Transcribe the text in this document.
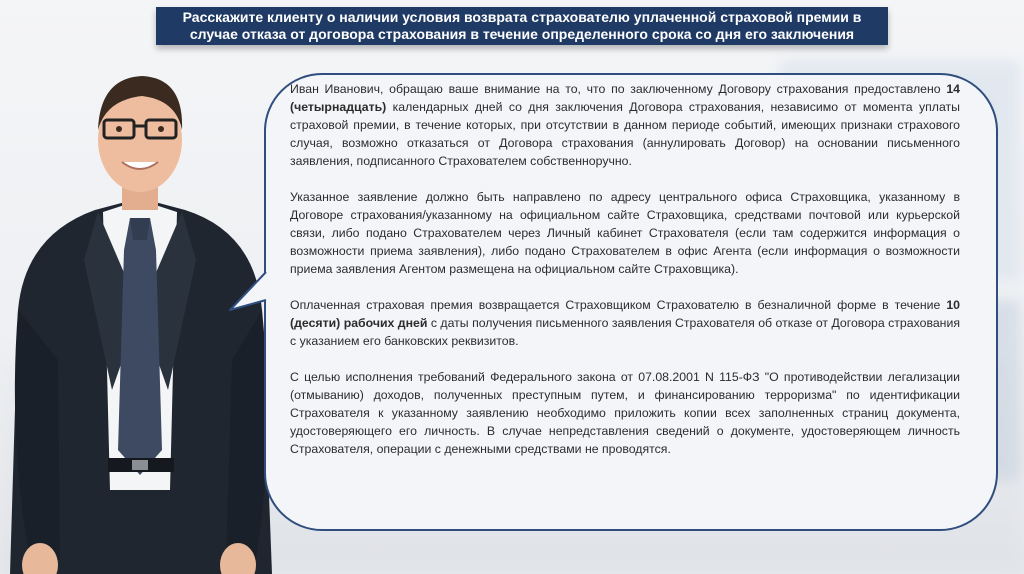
Расскажите клиенту о наличии условия возврата страхователю уплаченной страховой премии в случае отказа от договора страхования в течение определенного срока со дня его заключения

Иван Иванович, обращаю ваше внимание на то, что по заключенному Договору страхования предоставлено 14 (четырнадцать) календарных дней со дня заключения Договора страхования, независимо от момента уплаты страховой премии, в течение которых, при отсутствии в данном периоде событий, имеющих признаки страхового случая, возможно отказаться от Договора страхования (аннулировать Договор) на основании письменного заявления, подписанного Страхователем собственноручно.

Указанное заявление должно быть направлено по адресу центрального офиса Страховщика, указанному в Договоре страхования/указанному на официальном сайте Страховщика, средствами почтовой или курьерской связи, либо подано Страхователем через Личный кабинет Страхователя (если там содержится информация о возможности приема заявления), либо подано Страхователем в офис Агента (если информация о возможности приема заявления Агентом размещена на официальном сайте Страховщика).

Оплаченная страховая премия возвращается Страховщиком Страхователю в безналичной форме в течение 10 (десяти) рабочих дней с даты получения письменного заявления Страхователя об отказе от Договора страхования с указанием его банковских реквизитов.

С целью исполнения требований Федерального закона от 07.08.2001 N 115-ФЗ "О противодействии легализации (отмыванию) доходов, полученных преступным путем, и финансированию терроризма" по идентификации Страхователя к указанному заявлению необходимо приложить копии всех заполненных страниц документа, удостоверяющего его личность. В случае непредставления сведений о документе, удостоверяющем личность Страхователя, операции с денежными средствами не проводятся.
